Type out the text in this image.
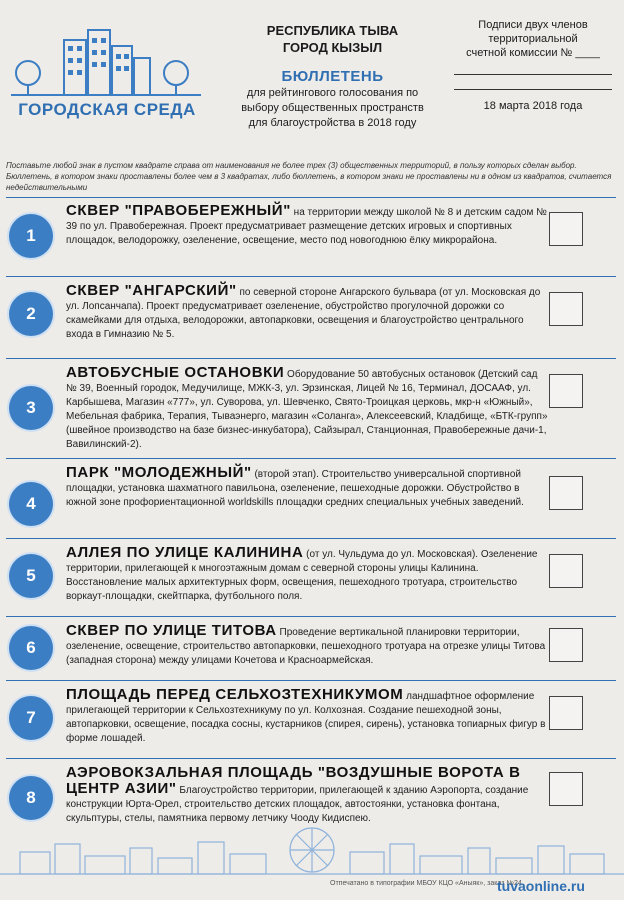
ГОРОДСКАЯ СРЕДА
РЕСПУБЛИКА ТЫВА
ГОРОД КЫЗЫЛ
БЮЛЛЕТЕНЬ
для рейтингового голосования по
выбору общественных пространств
для благоустройства в 2018 году
Подписи двух членов
территориальной
счетной комиссии № ____
18 марта 2018 года
Поставьте любой знак в пустом квадрате справа от наименования не более трех (3) общественных территорий, в пользу которых сделан выбор. Бюллетень, в котором знаки проставлены более чем в 3 квадратах, либо бюллетень, в котором знаки не проставлены ни в одном из квадратов, считается недействительными
1
СКВЕР "ПРАВОБЕРЕЖНЫЙ" на территории между школой № 8 и детским садом № 39 по ул. Правобережная. Проект предусматривает размещение детских игровых и спортивных площадок, велодорожку, озеленение, освещение, место под новогоднюю ёлку микрорайона.
2
СКВЕР "АНГАРСКИЙ" по северной стороне Ангарского бульвара (от ул. Московская до ул. Лопсанчапа). Проект предусматривает озеленение, обустройство прогулочной дорожки со скамейками для отдыха, велодорожки, автопарковки, освещения и благоустройство центрального входа в Гимназию № 5.
3
АВТОБУСНЫЕ ОСТАНОВКИ Оборудование 50 автобусных остановок (Детский сад № 39, Военный городок, Медучилище, МЖК-3, ул. Эрзинская, Лицей № 16, Терминал, ДОСААФ, ул. Карбышева, Магазин «777», ул. Суворова, ул. Шевченко, Свято-Троицкая церковь, мкр-н «Южный», Мебельная фабрика, Терапия, Тываэнерго, магазин «Соланга», Алексеевский, Кладбище, «БТК-групп» (швейное производство на базе бизнес-инкубатора), Сайзырал, Станционная, Правобережные дачи-1, Вавилинский-2).
4
ПАРК "МОЛОДЕЖНЫЙ" (второй этап). Строительство универсальной спортивной площадки, установка шахматного павильона, озеленение, пешеходные дорожки. Обустройство в южной зоне профориентационной worldskills площадки средних специальных учебных заведений.
5
АЛЛЕЯ ПО УЛИЦЕ КАЛИНИНА (от ул. Чульдума до ул. Московская). Озеленение территории, прилегающей к многоэтажным домам с северной стороны улицы Калинина. Восстановление малых архитектурных форм, освещения, пешеходного тротуара, строительство воркаут-площадки, скейтпарка, футбольного поля.
6
СКВЕР ПО УЛИЦЕ ТИТОВА Проведение вертикальной планировки территории, озеленение, освещение, строительство автопарковки, пешеходного тротуара на отрезке улицы Титова (западная сторона) между улицами Кочетова и Красноармейская.
7
ПЛОЩАДЬ ПЕРЕД СЕЛЬХОЗТЕХНИКУМОМ ландшафтное оформление прилегающей территории к Сельхозтехникуму по ул. Колхозная. Создание пешеходной зоны, автопарковки, освещение, посадка сосны, кустарников (спирея, сирень), установка топиарных фигур в форме лошадей.
8
АЭРОВОКЗАЛЬНАЯ ПЛОЩАДЬ "ВОЗДУШНЫЕ ВОРОТА В ЦЕНТР АЗИИ" Благоустройство территории, прилегающей к зданию Аэропорта, создание конструкции Юрта-Орел, строительство детских площадок, автостоянки, установка фонтана, скульптуры, стелы, памятника первому летчику Чооду Кидиспею.
Отпечатано в типографии МБОУ КЦО «Аныяк», заказ №24
tuvaonline.ru
